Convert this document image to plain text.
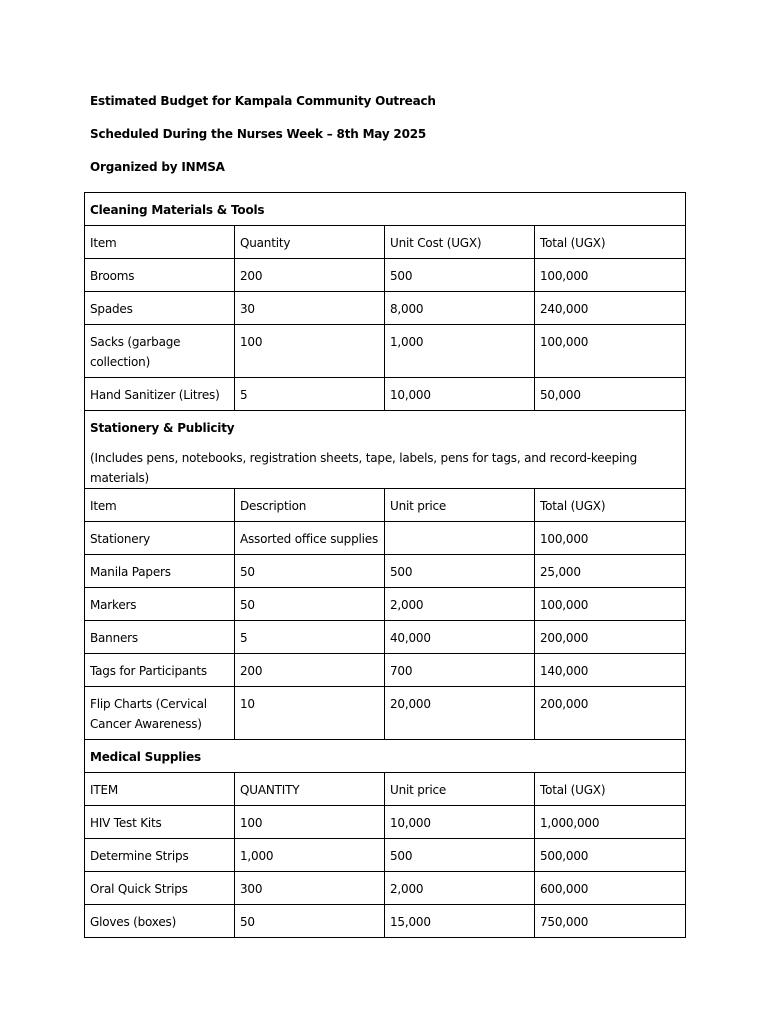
Estimated Budget for Kampala Community Outreach
Scheduled During the Nurses Week – 8th May 2025
Organized by INMSA
Cleaning Materials & Tools			
Item	Quantity	Unit Cost (UGX)	Total (UGX)
Brooms	200	500	100,000
Spades	30	8,000	240,000
Sacks (garbage collection)	100	1,000	100,000
Hand Sanitizer (Litres)	5	10,000	50,000
Stationery & Publicity
(Includes pens, notebooks, registration sheets, tape, labels, pens for tags, and record-keeping materials)			

Item	Description	Unit price	Total (UGX)
Stationery	Assorted office supplies		100,000
Manila Papers	50	500	25,000
Markers	50	2,000	100,000
Banners	5	40,000	200,000
Tags for Participants	200	700	140,000
Flip Charts (Cervical Cancer Awareness)	10	20,000	200,000
Medical Supplies			
ITEM	QUANTITY	Unit price	Total (UGX)
HIV Test Kits	100	10,000	1,000,000
Determine Strips	1,000	500	500,000
Oral Quick Strips	300	2,000	600,000
Gloves (boxes)	50	15,000	750,000
